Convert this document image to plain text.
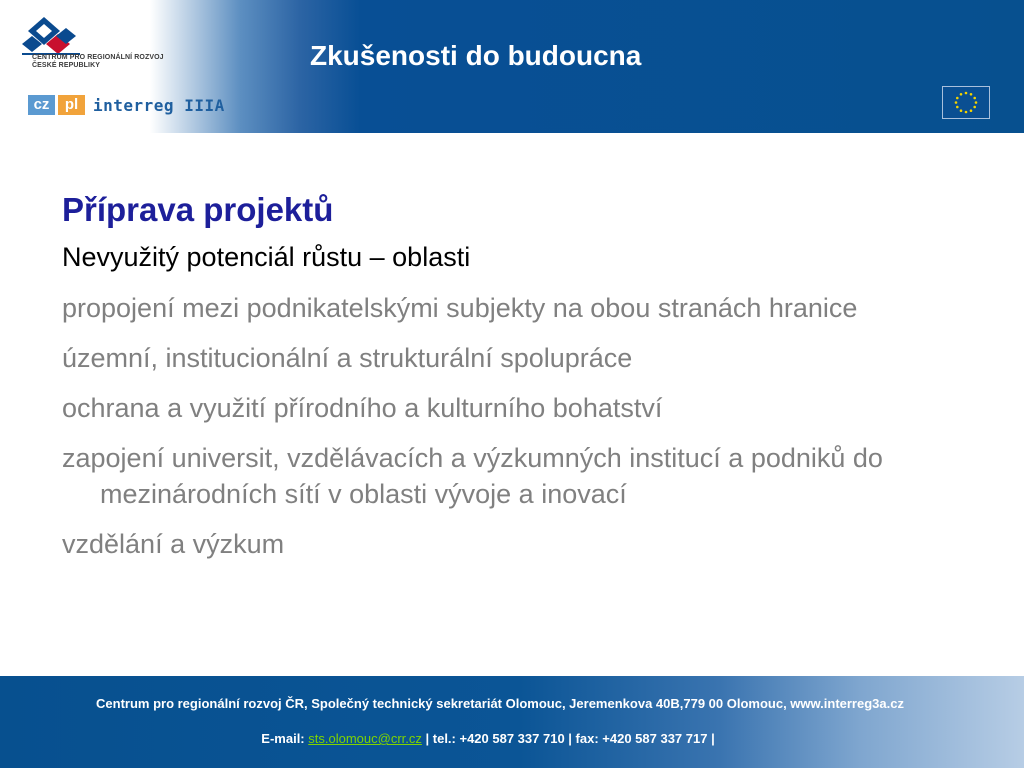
CENTRUM PRO REGIONÁLNÍ ROZVOJ
ČESKÉ REPUBLIKY
cz	pl interreg IIIA
Zkušenosti do budoucna
Příprava projektů
Nevyužitý potenciál růstu – oblasti
propojení mezi podnikatelskými subjekty na obou stranách hranice
územní, institucionální a strukturální spolupráce
ochrana a využití přírodního a kulturního bohatství
zapojení universit, vzdělávacích a výzkumných institucí a podniků do mezinárodních sítí v oblasti vývoje a inovací
vzdělání a výzkum
Centrum pro regionální rozvoj ČR, Společný technický sekretariát Olomouc, Jeremenkova 40B,779 00 Olomouc, www.interreg3a.cz
E-mail: sts.olomouc@crr.cz | tel.: +420 587 337 710 | fax: +420 587 337 717 |
